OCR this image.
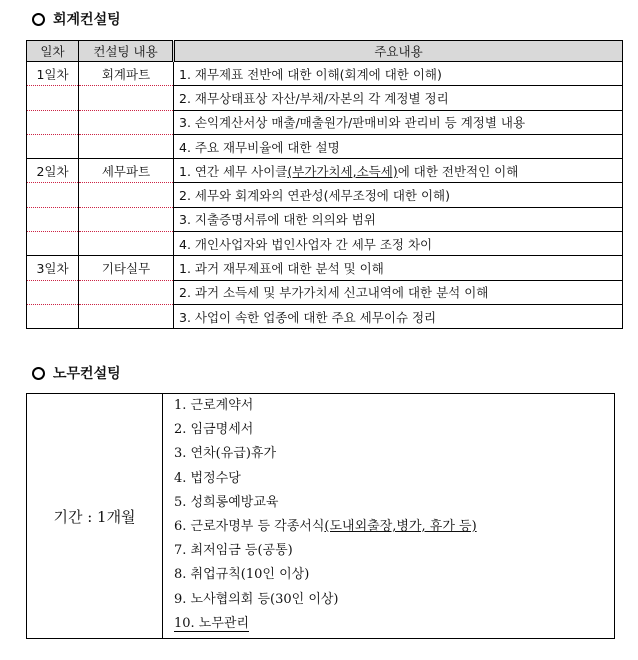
회계컨설팅
일차	컨설팅 내용	주요내용
1일차	회계파트	1. 재무제표 전반에 대한 이해(회계에 대한 이해)
		2. 재무상태표상 자산/부채/자본의 각 계정별 정리
		3. 손익계산서상 매출/매출원가/판매비와 관리비 등 계정별 내용
		4. 주요 재무비율에 대한 설명
2일차	세무파트	1. 연간 세무 사이클(부가가치세,소득세)에 대한 전반적인 이해
		2. 세무와 회계와의 연관성(세무조정에 대한 이해)
		3. 지출증명서류에 대한 의의와 범위
		4. 개인사업자와 법인사업자 간 세무 조정 차이
3일차	기타실무	1. 과거 재무제표에 대한 분석 및 이해
		2. 과거 소득세 및 부가가치세 신고내역에 대한 분석 이해
		3. 사업이 속한 업종에 대한 주요 세무이슈 정리
노무컨설팅
기간 : 1개월
1. 근로계약서
2. 임금명세서
3. 연차(유급)휴가
4. 법정수당
5. 성희롱예방교육
6. 근로자명부 등 각종서식(도내외출장,병가, 휴가 등)
7. 최저임금 등(공통)
8. 취업규칙(10인 이상)
9. 노사협의회 등(30인 이상)
10. 노무관리
